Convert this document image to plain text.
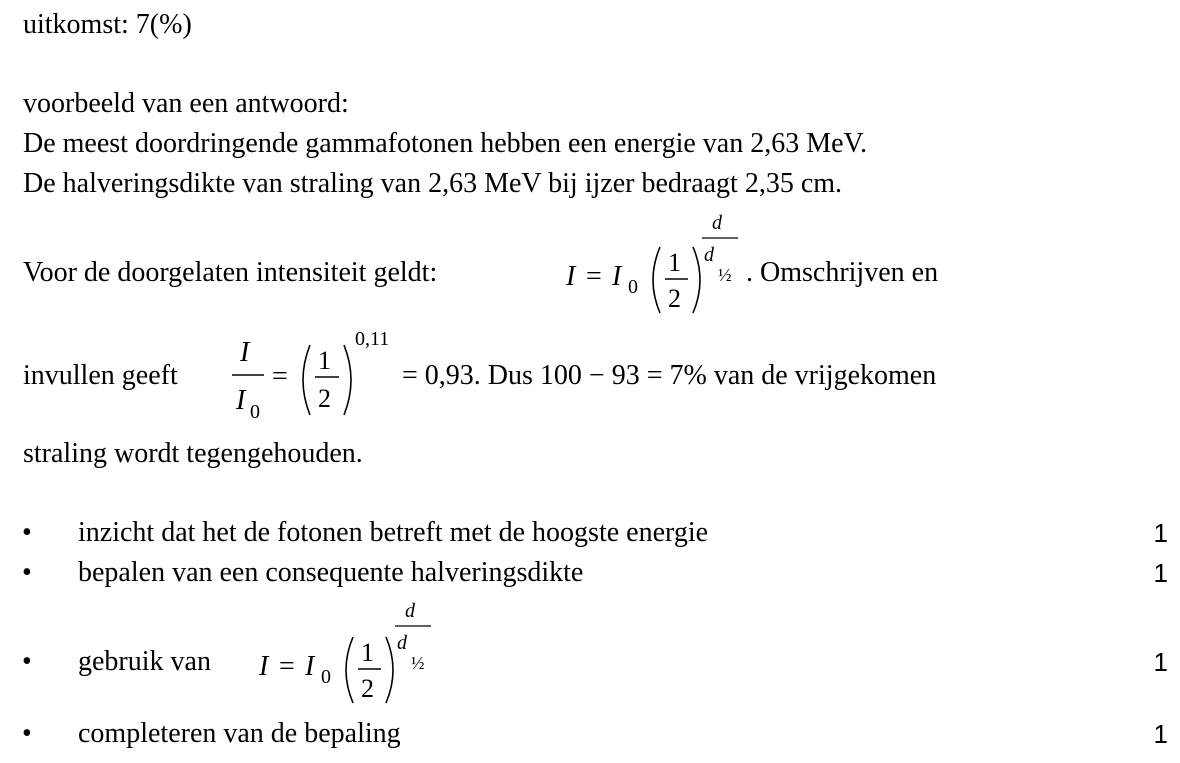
uitkomst: 7(%)
voorbeeld van een antwoord:
De meest doordringende gammafotonen hebben een energie van 2,63 MeV.
De halveringsdikte van straling van 2,63 MeV bij ijzer bedraagt 2,35 cm.
Voor de doorgelaten intensiteit geldt:	I = I 0
1
2
d
d
½ . Omschrijven en
invullen geeft
I
I 0
=
1
2
0,11
= 0,93. Dus 100 − 93 = 7% van de vrijgekomen
straling wordt tegengehouden.
• inzicht dat het de fotonen betreft met de hoogste energie	1
• bepalen van een consequente halveringsdikte	1
• gebruik van	1
I = I 0
1
2
d
d
½
• completeren van de bepaling	1
